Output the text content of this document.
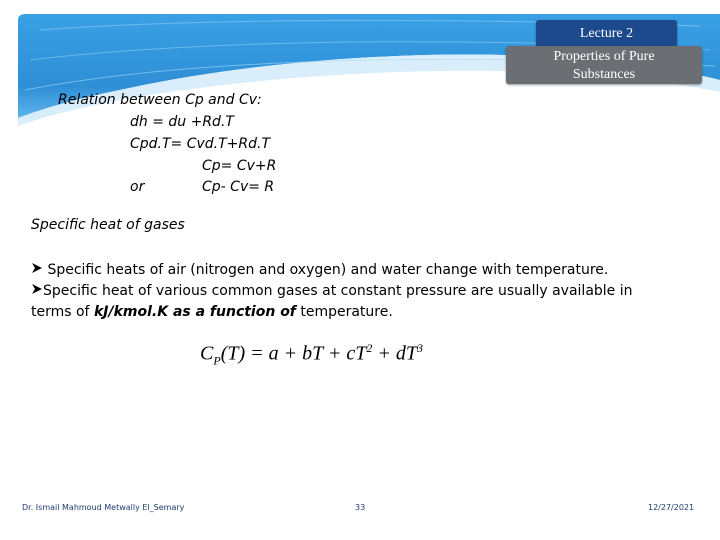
Lecture 2
Properties of Pure
Substances
Relation between Cp and Cv:
dh = du +Rd.T
Cpd.T= Cvd.T+Rd.T
Cp= Cv+R
or	Cp- Cv= R
Specific heat of gases
Specific heats of air (nitrogen and oxygen) and water change with temperature.
Specific heat of various common gases at constant pressure are usually available in
terms of kJ/kmol.K as a function of temperature.
$C_P(T) = a$ + bT + $cT^2 + dT^3$
Dr. Ismail Mahmoud Metwally El_Semary	33	12/27/2021
